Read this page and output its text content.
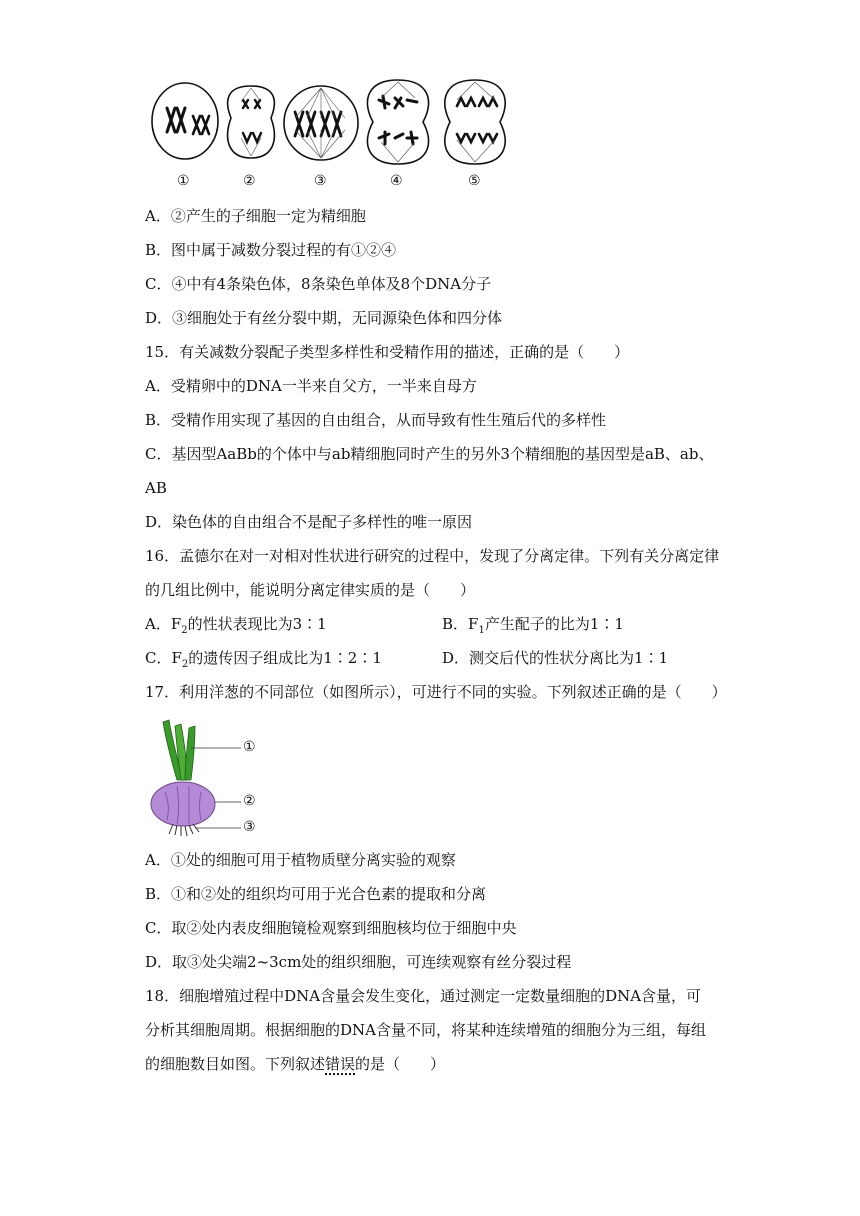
①	②	③	④	⑤
A．②产生的子细胞一定为精细胞
B．图中属于减数分裂过程的有①②④
C．④中有4条染色体，8条染色单体及8个DNA分子
D．③细胞处于有丝分裂中期，无同源染色体和四分体
15．有关减数分裂配子类型多样性和受精作用的描述，正确的是（　　）
A．受精卵中的DNA一半来自父方，一半来自母方
B．受精作用实现了基因的自由组合，从而导致有性生殖后代的多样性
C．基因型AaBb的个体中与ab精细胞同时产生的另外3个精细胞的基因型是aB、ab、
AB
D．染色体的自由组合不是配子多样性的唯一原因
16．孟德尔在对一对相对性状进行研究的过程中，发现了分离定律。下列有关分离定律
的几组比例中，能说明分离定律实质的是（　　）
A．$F_2$的性状表现比为3∶1	B．$F_1$产生配子的比为1∶1
C．$F_2$的遗传因子组成比为1∶2∶1	D．测交后代的性状分离比为1∶1
17．利用洋葱的不同部位（如图所示），可进行不同的实验。下列叙述正确的是（　　）
①
②
③
A．①处的细胞可用于植物质壁分离实验的观察
B．①和②处的组织均可用于光合色素的提取和分离
C．取②处内表皮细胞镜检观察到细胞核均位于细胞中央
D．取③处尖端2~3cm处的组织细胞，可连续观察有丝分裂过程
18．细胞增殖过程中DNA含量会发生变化，通过测定一定数量细胞的DNA含量，可
分析其细胞周期。根据细胞的DNA含量不同，将某种连续增殖的细胞分为三组，每组
的细胞数目如图。下列叙述错误的是（　　）
